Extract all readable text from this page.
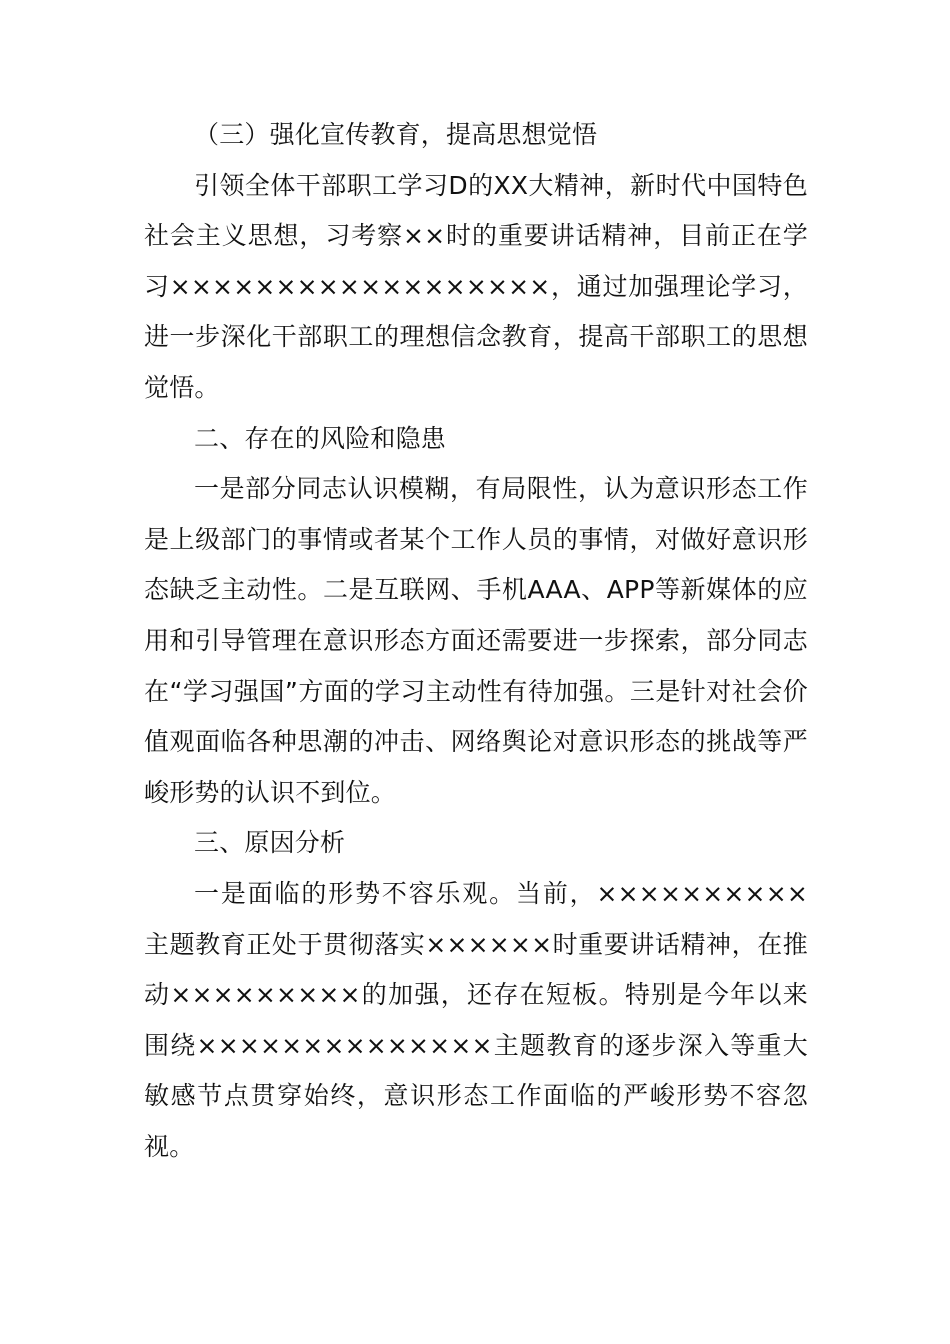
（三）强化宣传教育，提高思想觉悟

引领全体干部职工学习D的XX大精神，新时代中国特色社会主义思想，习考察××时的重要讲话精神，目前正在学习××××××××××××××××××，通过加强理论学习，进一步深化干部职工的理想信念教育，提高干部职工的思想觉悟。

二、存在的风险和隐患

一是部分同志认识模糊，有局限性，认为意识形态工作是上级部门的事情或者某个工作人员的事情，对做好意识形态缺乏主动性。二是互联网、手机AAA、APP等新媒体的应用和引导管理在意识形态方面还需要进一步探索，部分同志在“学习强国”方面的学习主动性有待加强。三是针对社会价值观面临各种思潮的冲击、网络舆论对意识形态的挑战等严峻形势的认识不到位。

三、原因分析

一是面临的形势不容乐观。当前，××××××××××主题教育正处于贯彻落实××××××时重要讲话精神，在推动×××××××××的加强，还存在短板。特别是今年以来围绕××××××××××××××主题教育的逐步深入等重大敏感节点贯穿始终，意识形态工作面临的严峻形势不容忽视。
